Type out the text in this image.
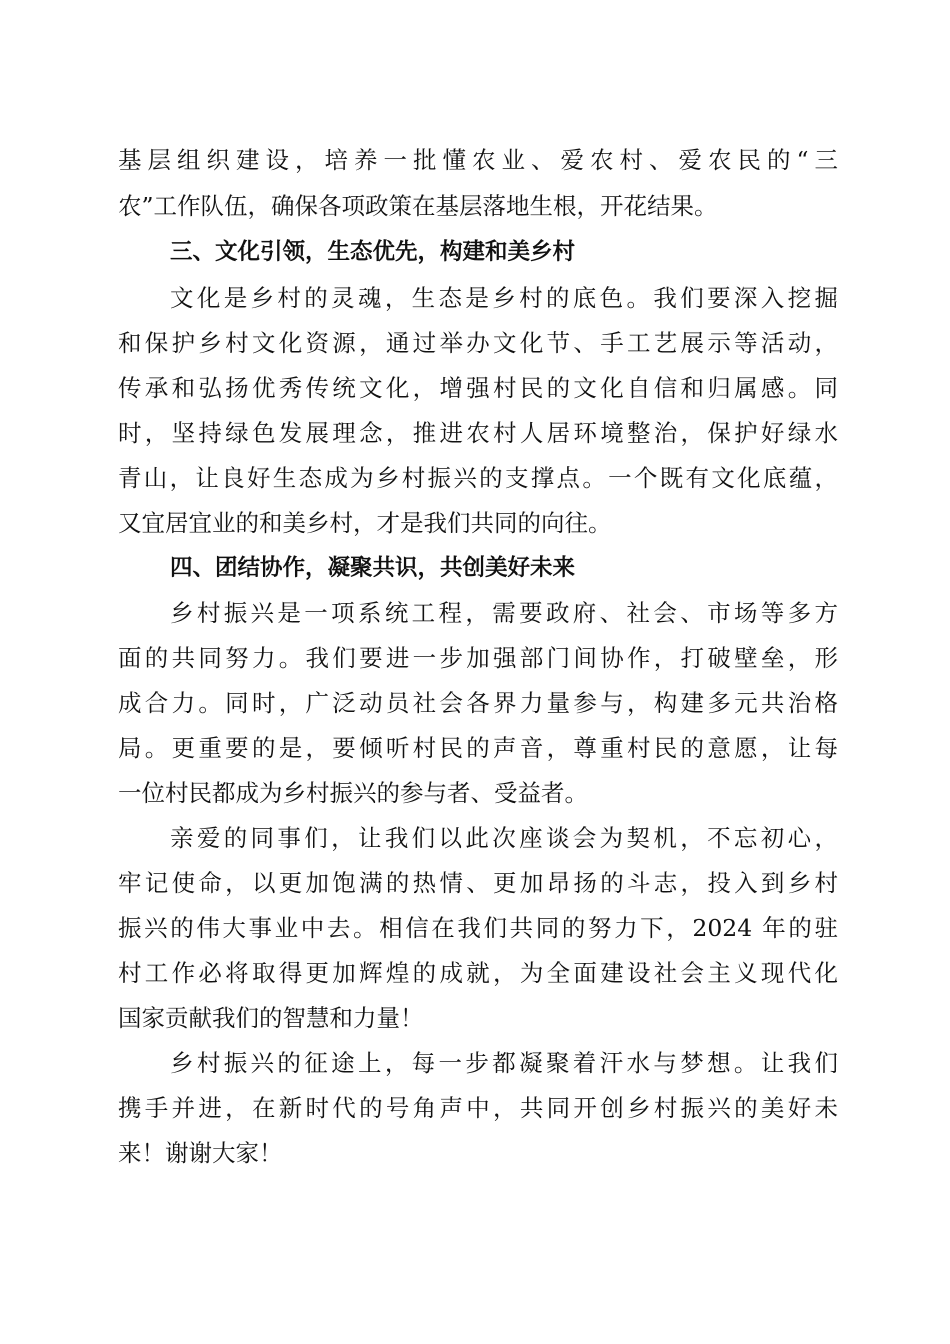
基层组织建设，培养一批懂农业、爱农村、爱农民的“三
农”工作队伍，确保各项政策在基层落地生根，开花结果。
三、文化引领，生态优先，构建和美乡村
文化是乡村的灵魂，生态是乡村的底色。我们要深入挖掘
和保护乡村文化资源，通过举办文化节、手工艺展示等活动，
传承和弘扬优秀传统文化，增强村民的文化自信和归属感。同
时，坚持绿色发展理念，推进农村人居环境整治，保护好绿水
青山，让良好生态成为乡村振兴的支撑点。一个既有文化底蕴，
又宜居宜业的和美乡村，才是我们共同的向往。
四、团结协作，凝聚共识，共创美好未来
乡村振兴是一项系统工程，需要政府、社会、市场等多方
面的共同努力。我们要进一步加强部门间协作，打破壁垒，形
成合力。同时，广泛动员社会各界力量参与，构建多元共治格
局。更重要的是，要倾听村民的声音，尊重村民的意愿，让每
一位村民都成为乡村振兴的参与者、受益者。
亲爱的同事们，让我们以此次座谈会为契机，不忘初心，
牢记使命，以更加饱满的热情、更加昂扬的斗志，投入到乡村
振兴的伟大事业中去。相信在我们共同的努力下，2024 年的驻
村工作必将取得更加辉煌的成就，为全面建设社会主义现代化
国家贡献我们的智慧和力量！
乡村振兴的征途上，每一步都凝聚着汗水与梦想。让我们
携手并进，在新时代的号角声中，共同开创乡村振兴的美好未
来！谢谢大家！
